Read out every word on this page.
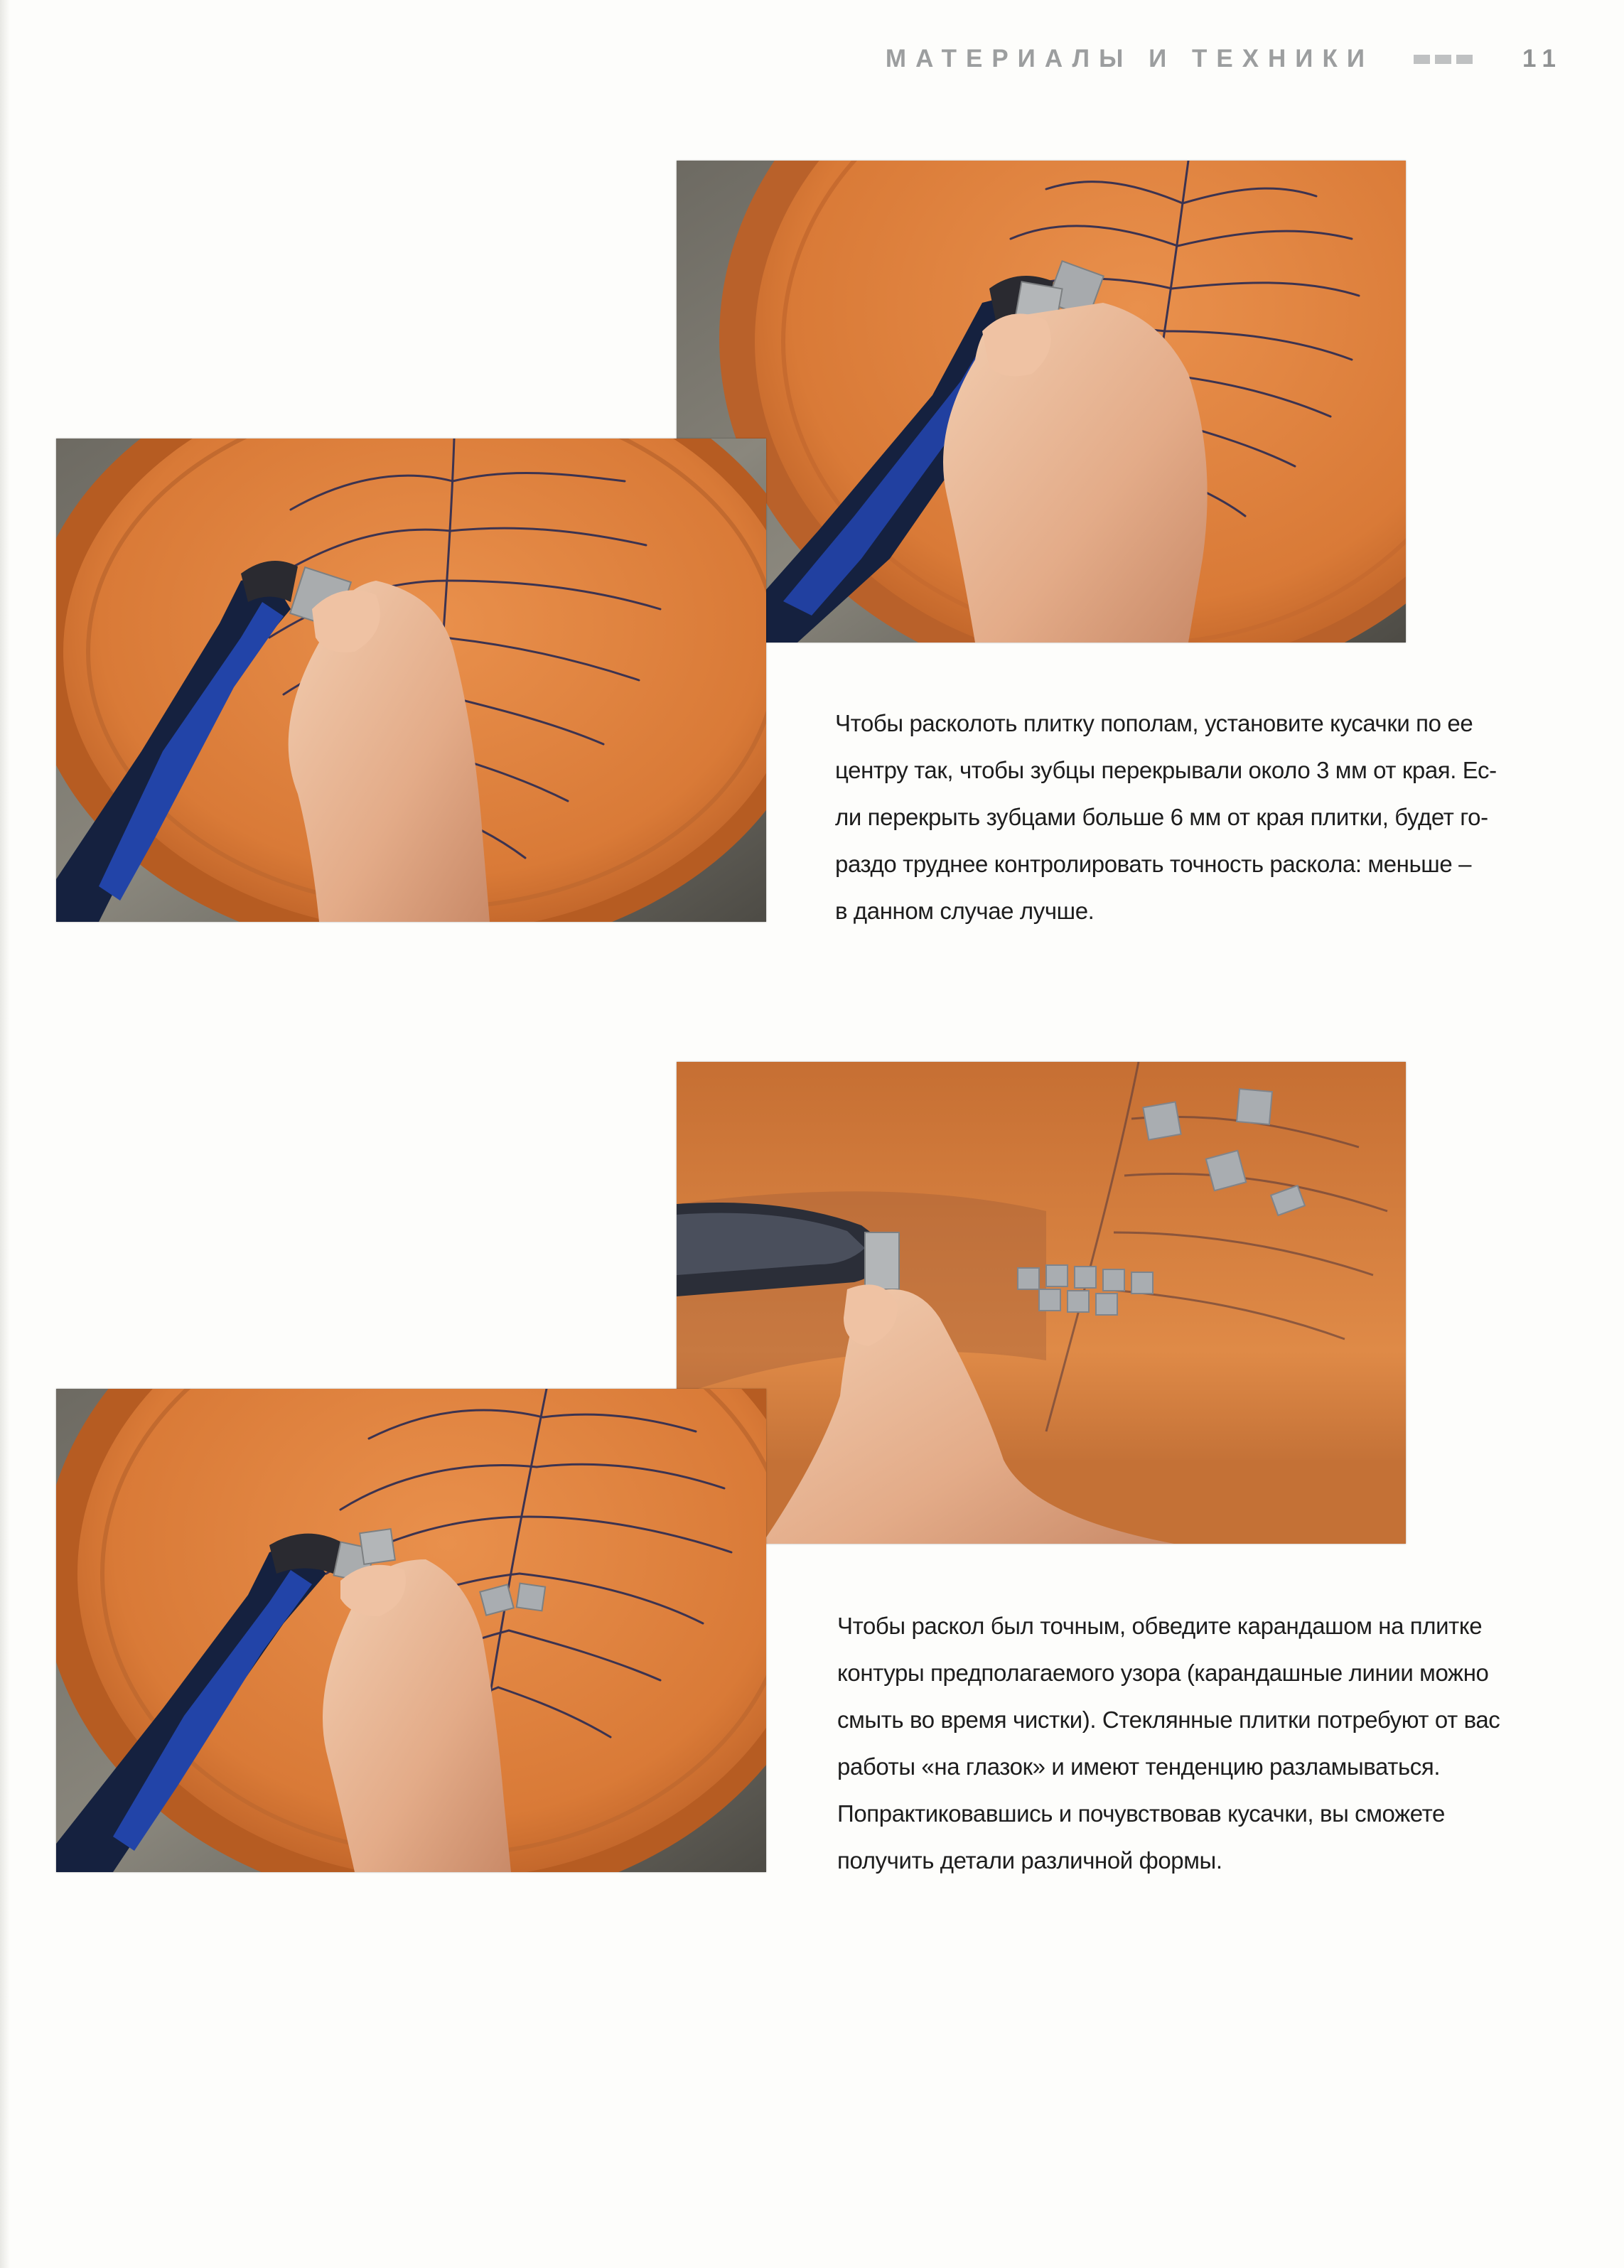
МАТЕРИАЛЫ И ТЕХНИКИ	11
Чтобы расколоть плитку пополам, установите кусачки по ее
центру так, чтобы зубцы перекрывали около 3 мм от края. Ес-
ли перекрыть зубцами больше 6 мм от края плитки, будет го-
раздо труднее контролировать точность раскола: меньше –
в данном случае лучше.
Чтобы раскол был точным, обведите карандашом на плитке
контуры предполагаемого узора (карандашные линии можно
смыть во время чистки). Стеклянные плитки потребуют от вас
работы «на глазок» и имеют тенденцию разламываться.
Попрактиковавшись и почувствовав кусачки, вы сможете
получить детали различной формы.
